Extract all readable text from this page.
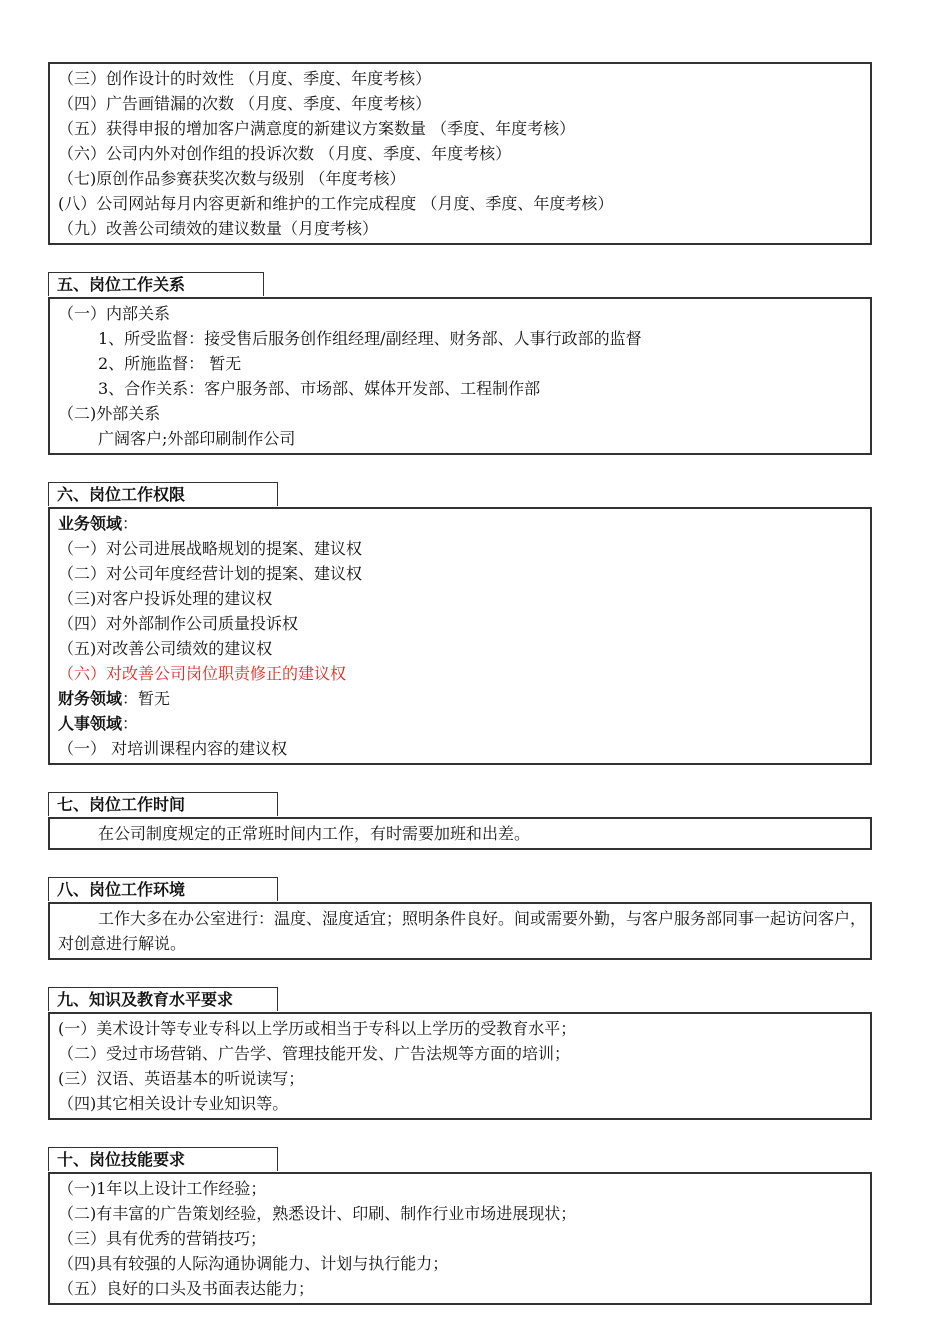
（三）创作设计的时效性 （月度、季度、年度考核）
（四）广告画错漏的次数 （月度、季度、年度考核）
（五）获得申报的增加客户满意度的新建议方案数量 （季度、年度考核）
（六）公司内外对创作组的投诉次数 （月度、季度、年度考核）
（七)原创作品参赛获奖次数与级别 （年度考核）
(八）公司网站每月内容更新和维护的工作完成程度 （月度、季度、年度考核）
（九）改善公司绩效的建议数量（月度考核）
五、岗位工作关系
（一）内部关系
1、所受监督：接受售后服务创作组经理/副经理、财务部、人事行政部的监督
2、所施监督： 暂无
3、合作关系：客户服务部、市场部、媒体开发部、工程制作部
（二)外部关系
广阔客户;外部印刷制作公司
六、岗位工作权限
业务领域：
（一）对公司进展战略规划的提案、建议权
（二）对公司年度经营计划的提案、建议权
（三)对客户投诉处理的建议权
（四）对外部制作公司质量投诉权
（五)对改善公司绩效的建议权
（六）对改善公司岗位职责修正的建议权
财务领域：暂无
人事领域：
（一） 对培训课程内容的建议权
七、岗位工作时间
在公司制度规定的正常班时间内工作，有时需要加班和出差。
八、岗位工作环境
工作大多在办公室进行：温度、湿度适宜；照明条件良好。间或需要外勤，与客户服务部同事一起访问客户，对创意进行解说。
九、知识及教育水平要求
(一）美术设计等专业专科以上学历或相当于专科以上学历的受教育水平；
（二）受过市场营销、广告学、管理技能开发、广告法规等方面的培训；
(三）汉语、英语基本的听说读写；
（四)其它相关设计专业知识等。
十、岗位技能要求
（一)1年以上设计工作经验；
（二)有丰富的广告策划经验，熟悉设计、印刷、制作行业市场进展现状；
（三）具有优秀的营销技巧；
（四)具有较强的人际沟通协调能力、计划与执行能力；
（五）良好的口头及书面表达能力；
